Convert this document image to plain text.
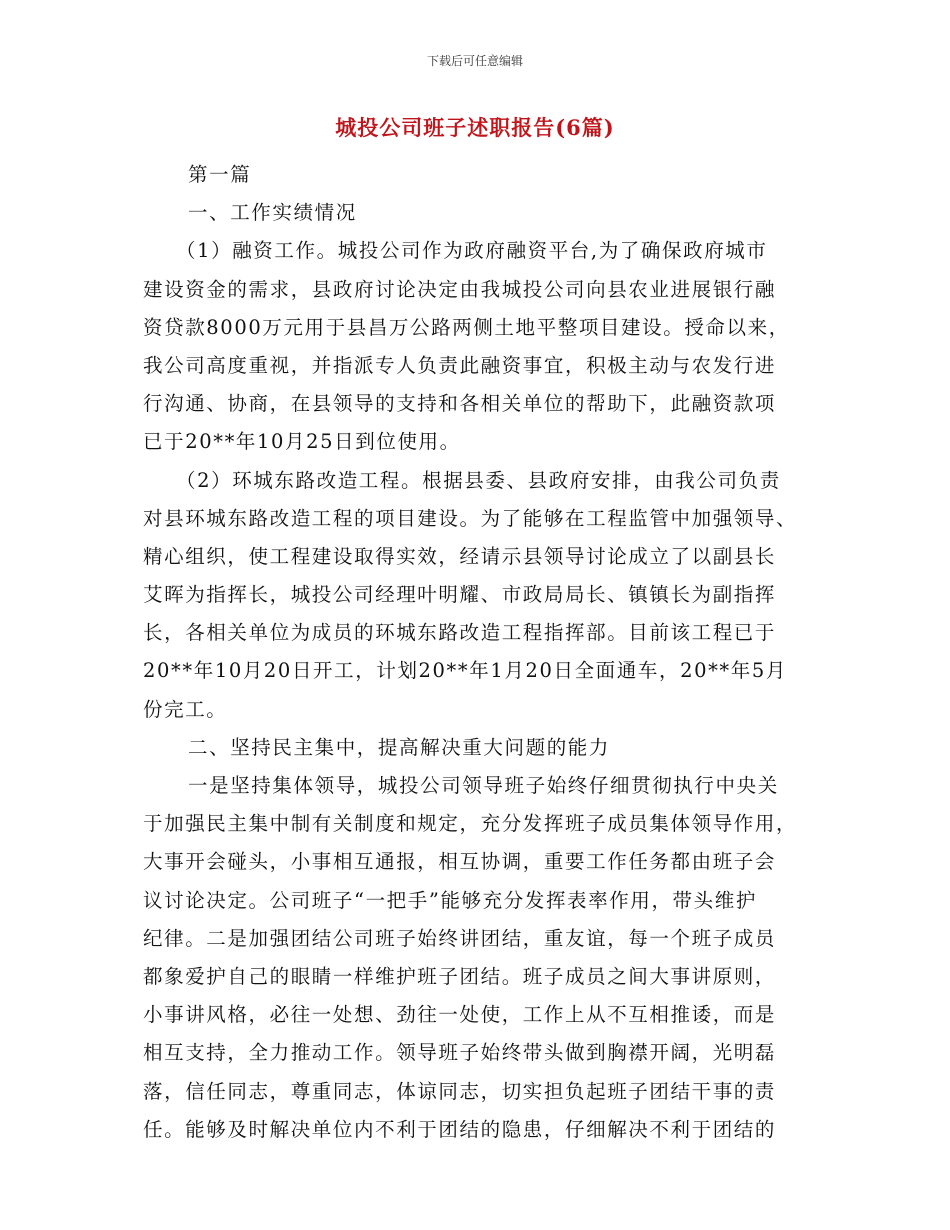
下载后可任意编辑
城投公司班子述职报告(6篇)
第一篇
一、工作实绩情况
（1）融资工作。城投公司作为政府融资平台,为了确保政府城市
建设资金的需求，县政府讨论决定由我城投公司向县农业进展银行融
资贷款8000万元用于县昌万公路两侧土地平整项目建设。授命以来，
我公司高度重视，并指派专人负责此融资事宜，积极主动与农发行进
行沟通、协商，在县领导的支持和各相关单位的帮助下，此融资款项
已于20**年10月25日到位使用。
（2）环城东路改造工程。根据县委、县政府安排，由我公司负责
对县环城东路改造工程的项目建设。为了能够在工程监管中加强领导、
精心组织，使工程建设取得实效，经请示县领导讨论成立了以副县长
艾晖为指挥长，城投公司经理叶明耀、市政局局长、镇镇长为副指挥
长，各相关单位为成员的环城东路改造工程指挥部。目前该工程已于
20**年10月20日开工，计划20**年1月20日全面通车，20**年5月
份完工。
二、坚持民主集中，提高解决重大问题的能力
一是坚持集体领导，城投公司领导班子始终仔细贯彻执行中央关
于加强民主集中制有关制度和规定，充分发挥班子成员集体领导作用，
大事开会碰头，小事相互通报，相互协调，重要工作任务都由班子会
议讨论决定。公司班子“一把手”能够充分发挥表率作用，带头维护
纪律。二是加强团结公司班子始终讲团结，重友谊，每一个班子成员
都象爱护自己的眼睛一样维护班子团结。班子成员之间大事讲原则，
小事讲风格，必往一处想、劲往一处使，工作上从不互相推诿，而是
相互支持，全力推动工作。领导班子始终带头做到胸襟开阔，光明磊
落，信任同志，尊重同志，体谅同志，切实担负起班子团结干事的责
任。能够及时解决单位内不利于团结的隐患，仔细解决不利于团结的
